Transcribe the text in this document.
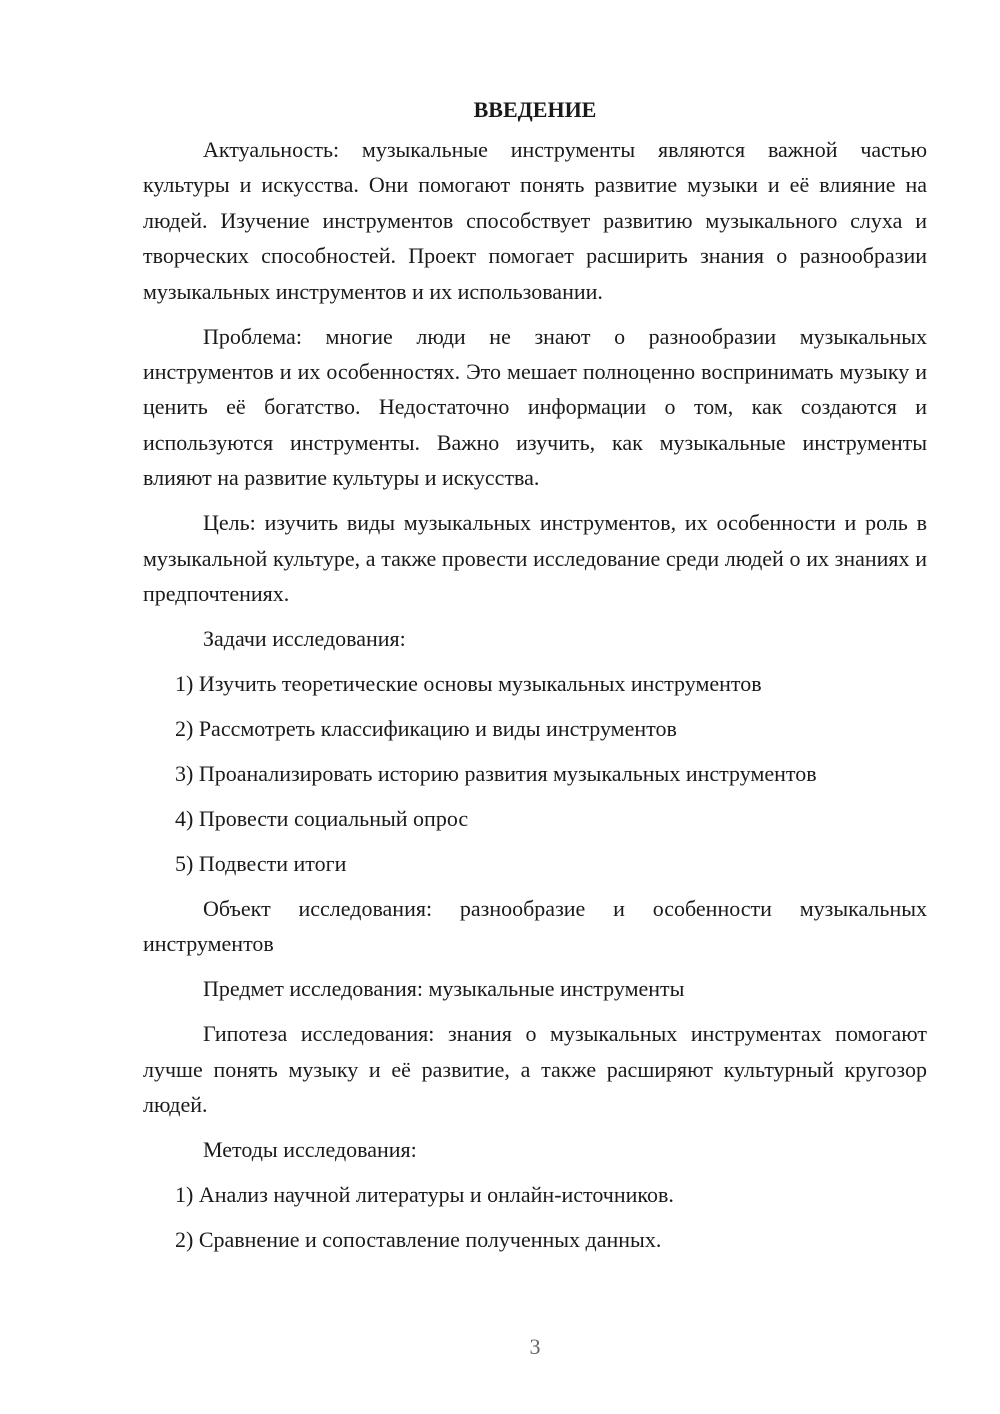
ВВЕДЕНИЕ

Актуальность: музыкальные инструменты являются важной частью культуры и искусства. Они помогают понять развитие музыки и её влияние на людей. Изучение инструментов способствует развитию музыкального слуха и творческих способностей. Проект помогает расширить знания о разнообразии музыкальных инструментов и их использовании.

Проблема: многие люди не знают о разнообразии музыкальных инструментов и их особенностях. Это мешает полноценно воспринимать музыку и ценить её богатство. Недостаточно информации о том, как создаются и используются инструменты. Важно изучить, как музыкальные инструменты влияют на развитие культуры и искусства.

Цель: изучить виды музыкальных инструментов, их особенности и роль в музыкальной культуре, а также провести исследование среди людей о их знаниях и предпочтениях.

Задачи исследования:

1) Изучить теоретические основы музыкальных инструментов

2) Рассмотреть классификацию и виды инструментов

3) Проанализировать историю развития музыкальных инструментов

4) Провести социальный опрос

5) Подвести итоги

Объект исследования: разнообразие и особенности музыкальных инструментов

Предмет исследования: музыкальные инструменты

Гипотеза исследования: знания о музыкальных инструментах помогают лучше понять музыку и её развитие, а также расширяют культурный кругозор людей.

Методы исследования:

1) Анализ научной литературы и онлайн-источников.

2) Сравнение и сопоставление полученных данных.

3
